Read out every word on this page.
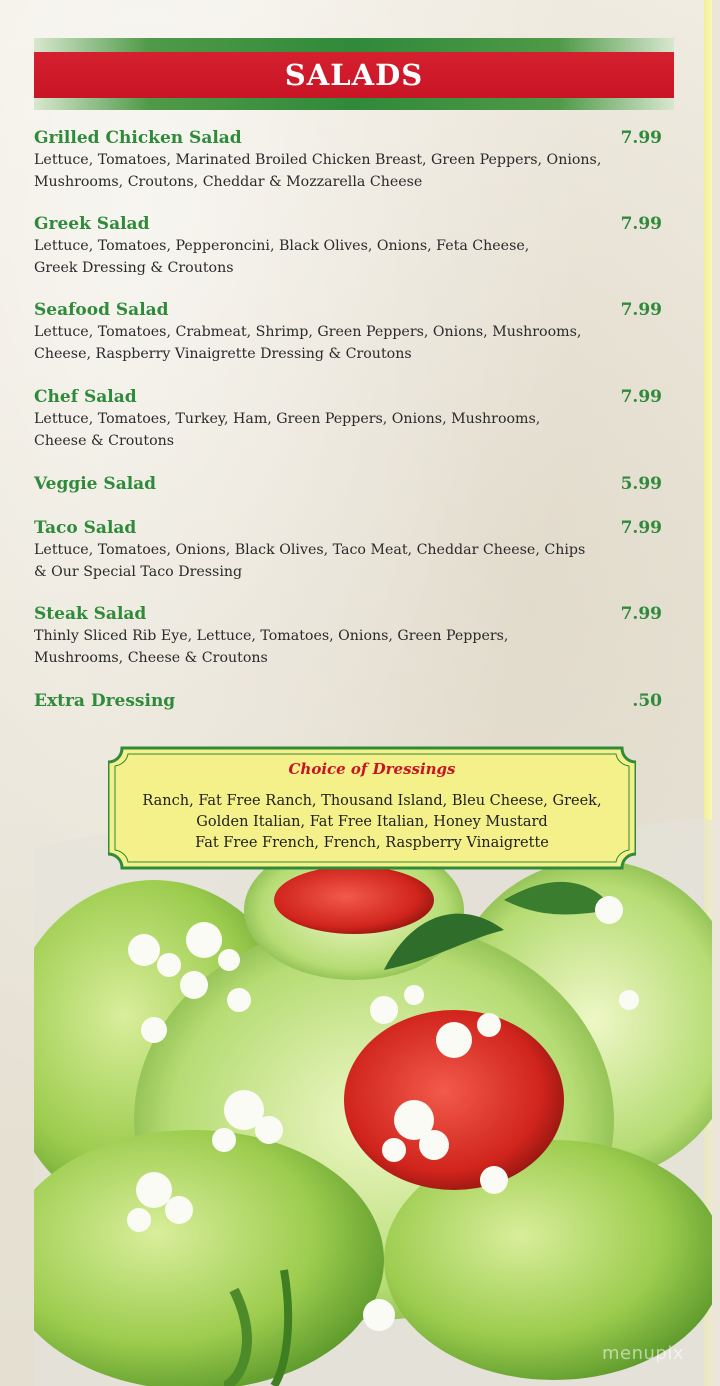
SALADS
Grilled Chicken Salad	7.99
Lettuce, Tomatoes, Marinated Broiled Chicken Breast, Green Peppers, Onions,
Mushrooms, Croutons, Cheddar & Mozzarella Cheese
Greek Salad	7.99
Lettuce, Tomatoes, Pepperoncini, Black Olives, Onions, Feta Cheese,
Greek Dressing & Croutons
Seafood Salad	7.99
Lettuce, Tomatoes, Crabmeat, Shrimp, Green Peppers, Onions, Mushrooms,
Cheese, Raspberry Vinaigrette Dressing & Croutons
Chef Salad	7.99
Lettuce, Tomatoes, Turkey, Ham, Green Peppers, Onions, Mushrooms,
Cheese & Croutons
Veggie Salad	5.99
Taco Salad	7.99
Lettuce, Tomatoes, Onions, Black Olives, Taco Meat, Cheddar Cheese, Chips
& Our Special Taco Dressing
Steak Salad	7.99
Thinly Sliced Rib Eye, Lettuce, Tomatoes, Onions, Green Peppers,
Mushrooms, Cheese & Croutons
Extra Dressing	.50
menupix
Choice of Dressings
Ranch, Fat Free Ranch, Thousand Island, Bleu Cheese, Greek,
Golden Italian, Fat Free Italian, Honey Mustard
Fat Free French, French, Raspberry Vinaigrette
